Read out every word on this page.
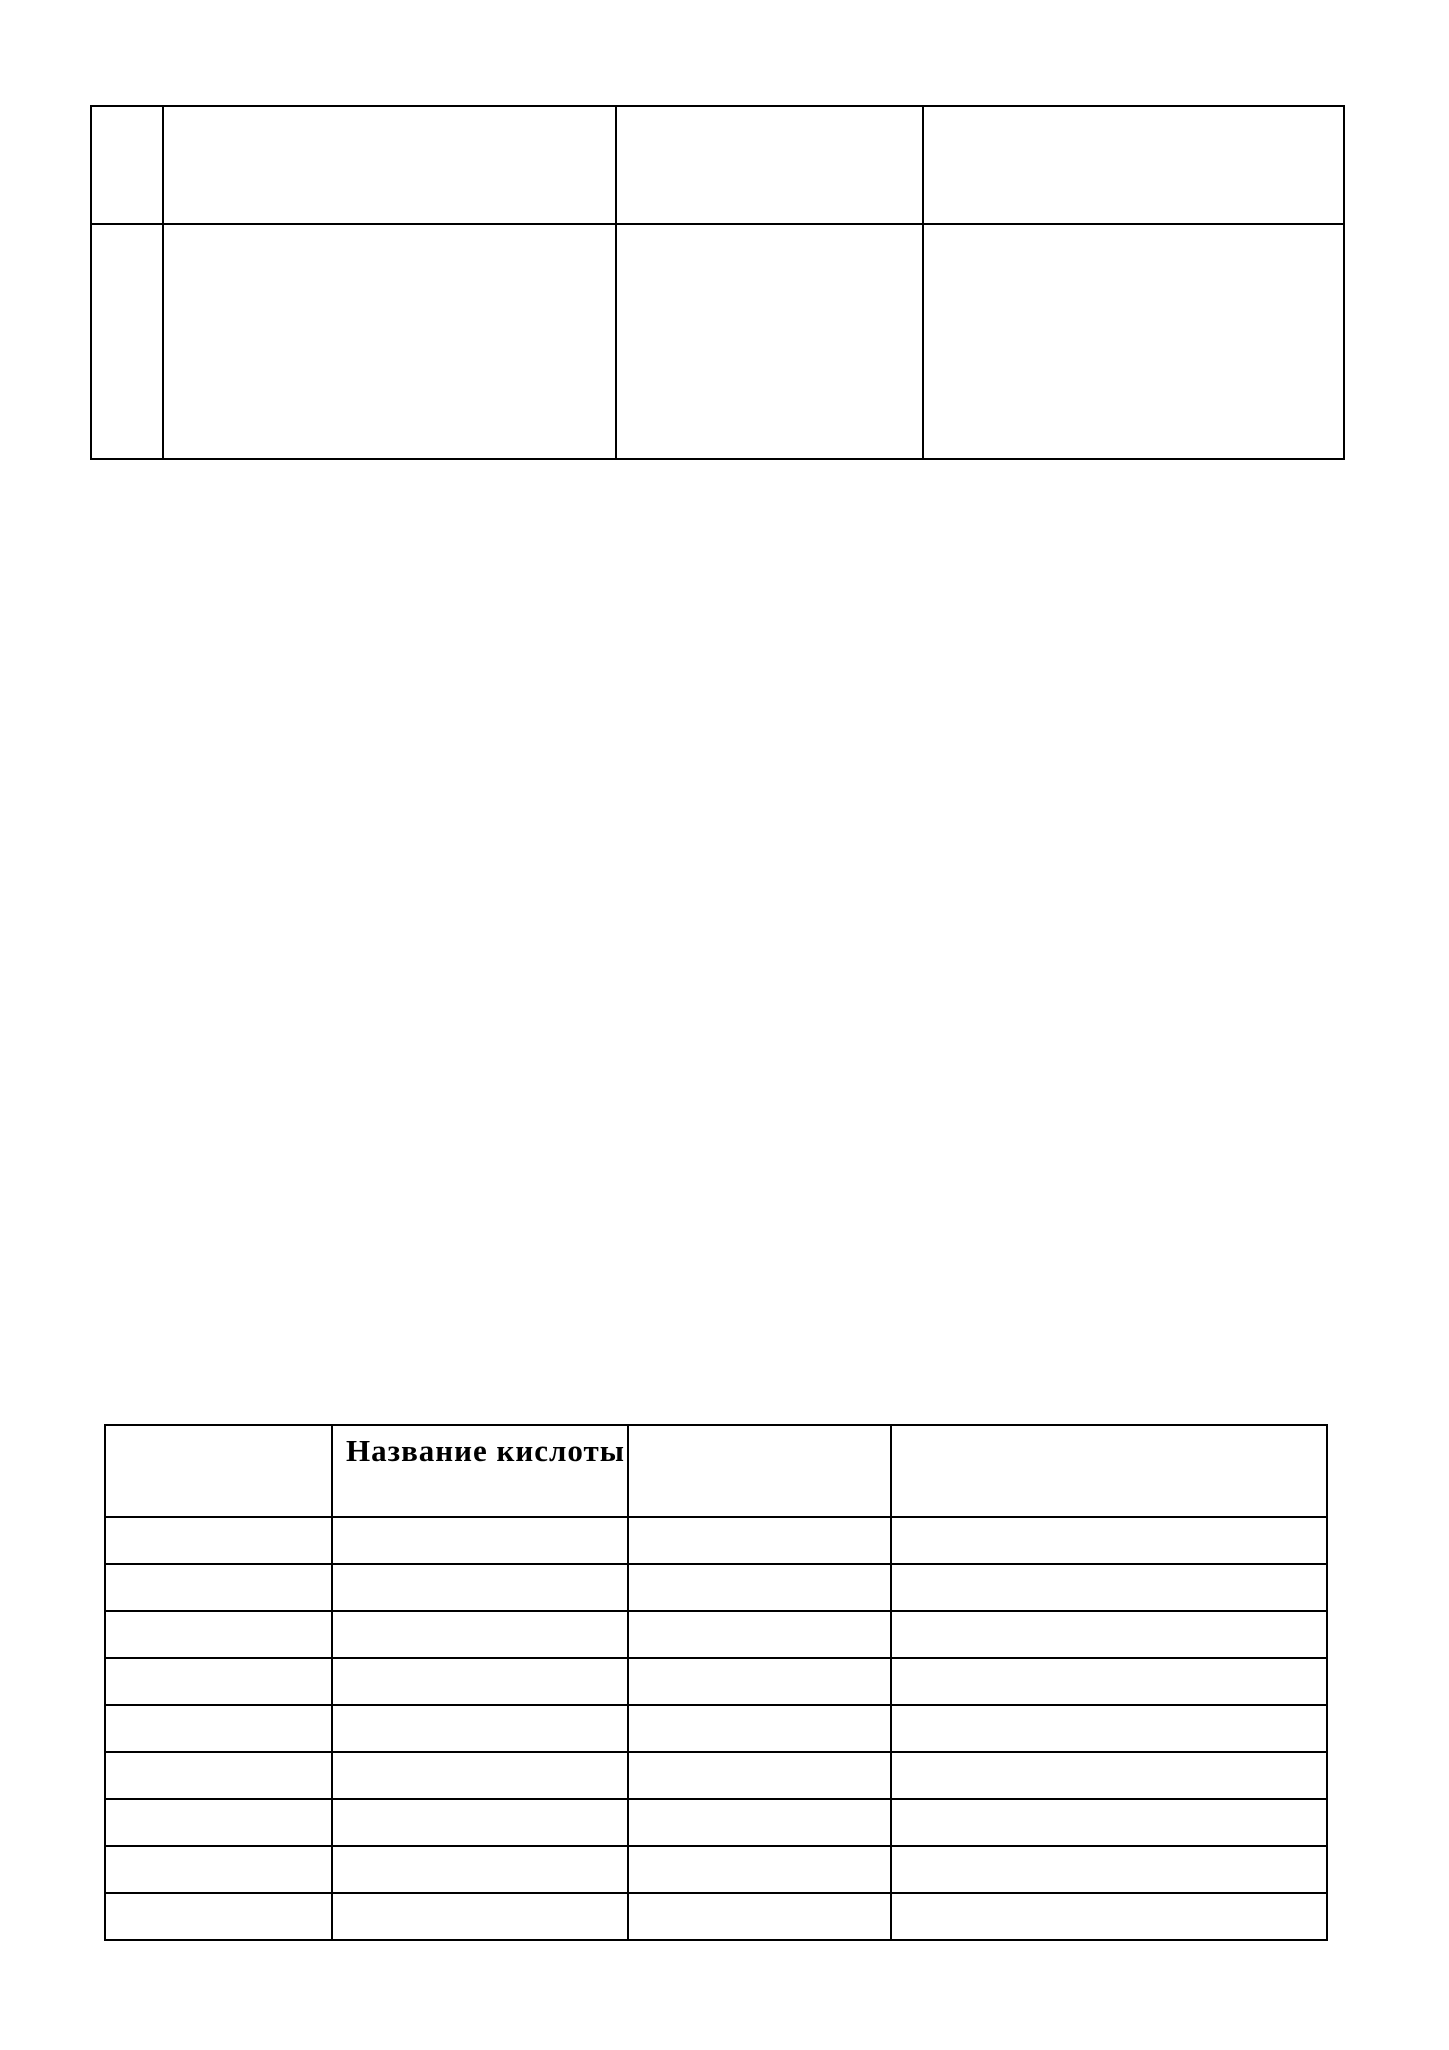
	Название кислоты		
